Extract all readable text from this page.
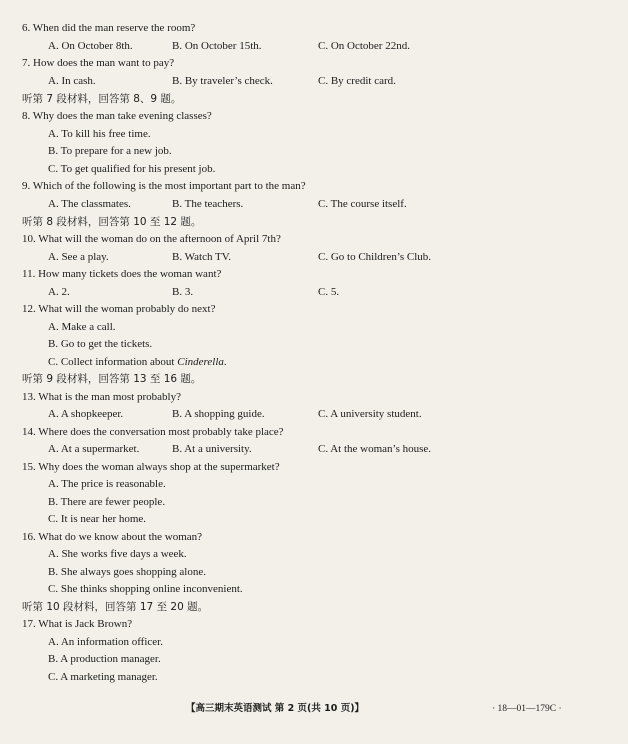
6. When did the man reserve the room?
A. On October 8th.	B. On October 15th.	C. On October 22nd.
7. How does the man want to pay?
A. In cash.	B. By traveler’s check.	C. By credit card.
听第 7 段材料，回答第 8、9 题。
8. Why does the man take evening classes?
A. To kill his free time.
B. To prepare for a new job.
C. To get qualified for his present job.
9. Which of the following is the most important part to the man?
A. The classmates.	B. The teachers.	C. The course itself.
听第 8 段材料，回答第 10 至 12 题。
10. What will the woman do on the afternoon of April 7th?
A. See a play.	B. Watch TV.	C. Go to Children’s Club.
11. How many tickets does the woman want?
A. 2.	B. 3.	C. 5.
12. What will the woman probably do next?
A. Make a call.
B. Go to get the tickets.
C. Collect information about Cinderella.
听第 9 段材料，回答第 13 至 16 题。
13. What is the man most probably?
A. A shopkeeper.	B. A shopping guide.	C. A university student.
14. Where does the conversation most probably take place?
A. At a supermarket.	B. At a university.	C. At the woman’s house.
15. Why does the woman always shop at the supermarket?
A. The price is reasonable.
B. There are fewer people.
C. It is near her home.
16. What do we know about the woman?
A. She works five days a week.
B. She always goes shopping alone.
C. She thinks shopping online inconvenient.
听第 10 段材料，回答第 17 至 20 题。
17. What is Jack Brown?
A. An information officer.
B. A production manager.
C. A marketing manager.
【高三期末英语测试 第 2 页(共 10 页)】	· 18—01—179C ·
